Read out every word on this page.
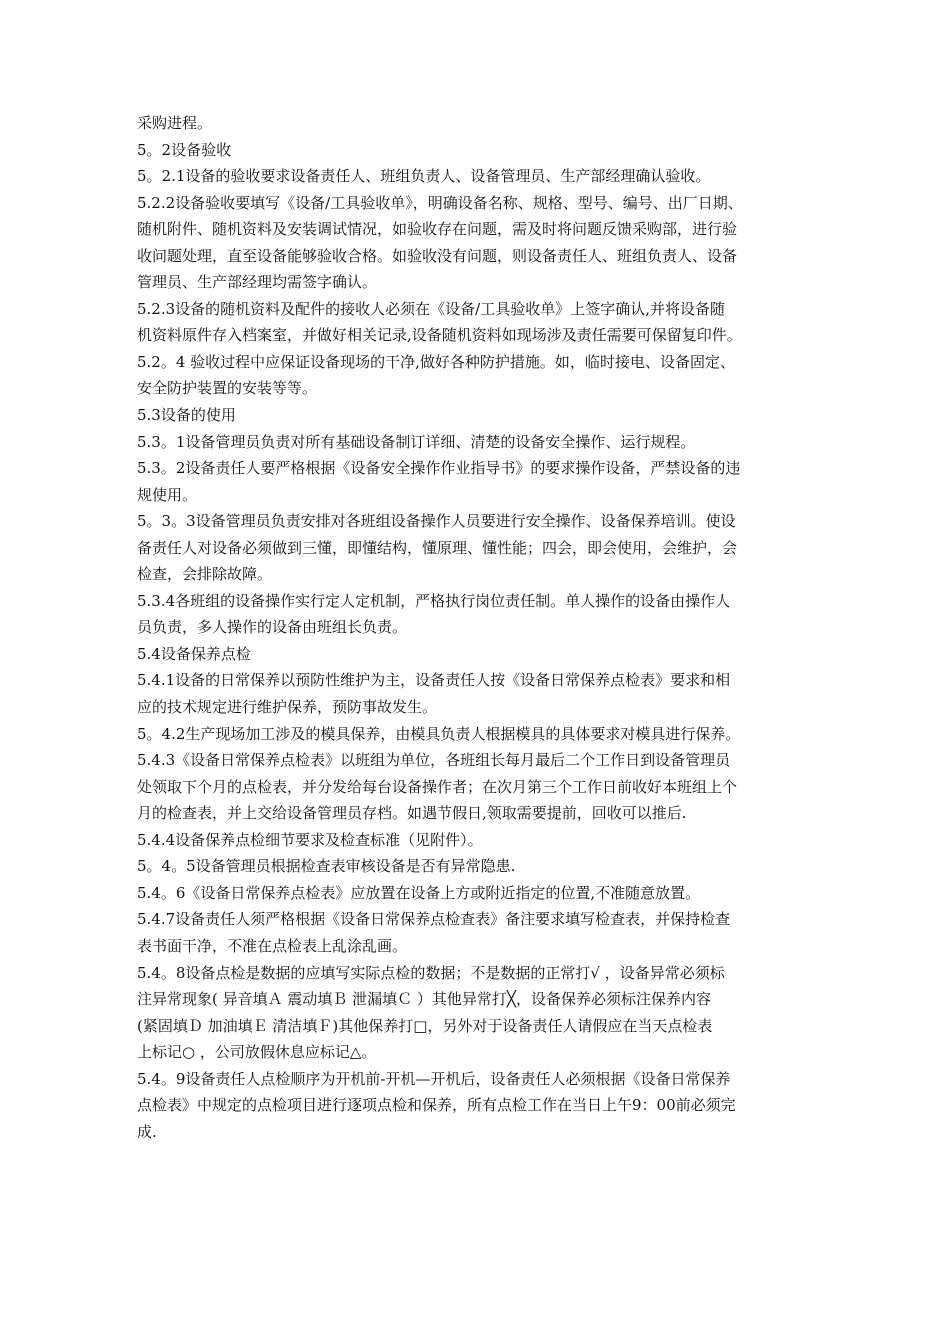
采购进程。
5。2设备验收
5。2.1设备的验收要求设备责任人、班组负责人、设备管理员、生产部经理确认验收。
5.2.2设备验收要填写《设备/工具验收单》，明确设备名称、规格、型号、编号、出厂日期、
随机附件、随机资料及安装调试情况，如验收存在问题，需及时将问题反馈采购部，进行验
收问题处理，直至设备能够验收合格。如验收没有问题，则设备责任人、班组负责人、设备
管理员、生产部经理均需签字确认。
5.2.3设备的随机资料及配件的接收人必须在《设备/工具验收单》上签字确认,并将设备随
机资料原件存入档案室，并做好相关记录,设备随机资料如现场涉及责任需要可保留复印件。
5.2。4 验收过程中应保证设备现场的干净,做好各种防护措施。如，临时接电、设备固定、
安全防护装置的安装等等。
5.3设备的使用
5.3。1设备管理员负责对所有基础设备制订详细、清楚的设备安全操作、运行规程。
5.3。2设备责任人要严格根据《设备安全操作作业指导书》的要求操作设备，严禁设备的违
规使用。
5。3。3设备管理员负责安排对各班组设备操作人员要进行安全操作、设备保养培训。使设
备责任人对设备必须做到三懂，即懂结构，懂原理、懂性能；四会，即会使用，会维护，会
检查，会排除故障。
5.3.4各班组的设备操作实行定人定机制，严格执行岗位责任制。单人操作的设备由操作人
员负责，多人操作的设备由班组长负责。
5.4设备保养点检
5.4.1设备的日常保养以预防性维护为主，设备责任人按《设备日常保养点检表》要求和相
应的技术规定进行维护保养，预防事故发生。
5。4.2生产现场加工涉及的模具保养，由模具负责人根据模具的具体要求对模具进行保养。
5.4.3《设备日常保养点检表》以班组为单位，各班组长每月最后二个工作日到设备管理员
处领取下个月的点检表，并分发给每台设备操作者；在次月第三个工作日前收好本班组上个
月的检查表，并上交给设备管理员存档。如遇节假日,领取需要提前，回收可以推后.
5.4.4设备保养点检细节要求及检查标准（见附件）。
5。4。5设备管理员根据检查表审核设备是否有异常隐患.
5.4。6《设备日常保养点检表》应放置在设备上方或附近指定的位置,不准随意放置。
5.4.7设备责任人须严格根据《设备日常保养点检查表》备注要求填写检查表，并保持检查
表书面干净，不准在点检表上乱涂乱画。
5.4。8设备点检是数据的应填写实际点检的数据；不是数据的正常打√ ，设备异常必须标
注异常现象( 异音填Ａ 震动填Ｂ 泄漏填Ｃ ）其他异常打╳，设备保养必须标注保养内容
(紧固填Ｄ 加油填Ｅ 清洁填Ｆ)其他保养打□，另外对于设备责任人请假应在当天点检表
上标记○ ，公司放假休息应标记△。
5.4。9设备责任人点检顺序为开机前-开机—开机后，设备责任人必须根据《设备日常保养
点检表》中规定的点检项目进行逐项点检和保养，所有点检工作在当日上午9：00前必须完
成.
